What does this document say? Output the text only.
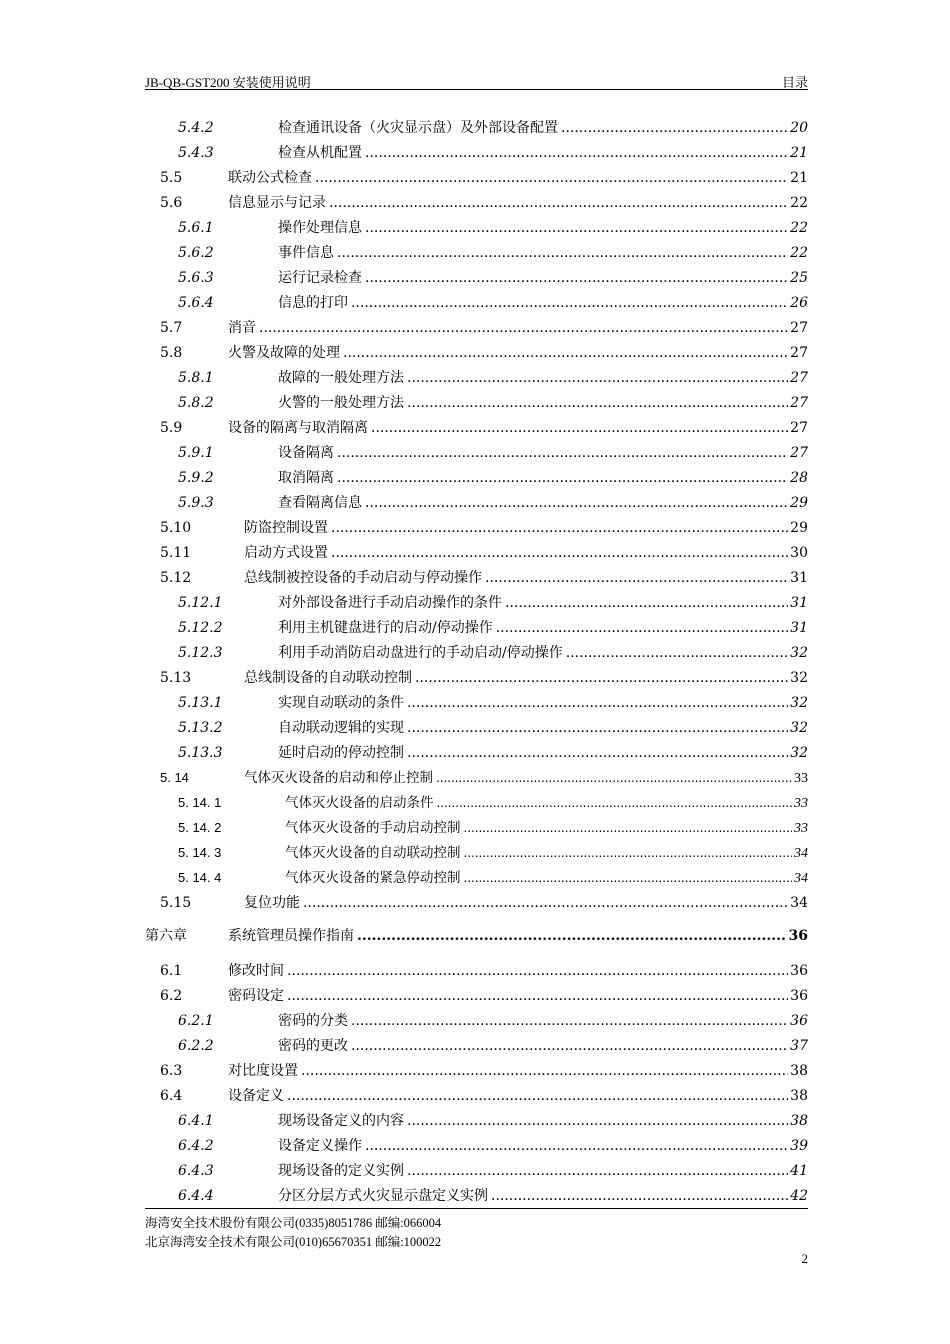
JB-QB-GST200 安装使用说明	目录
5.4.2	检查通讯设备（火灾显示盘）及外部设备配置 .....	20
5.4.3	检查从机配置 .....	21
5.5	联动公式检查 .....	21
5.6	信息显示与记录 .....	22
5.6.1	操作处理信息 .....	22
5.6.2	事件信息 .....	22
5.6.3	运行记录检查 .....	25
5.6.4	信息的打印 .....	26
5.7	消音 .....	27
5.8	火警及故障的处理 .....	27
5.8.1	故障的一般处理方法 .....	27
5.8.2	火警的一般处理方法 .....	27
5.9	设备的隔离与取消隔离 .....	27
5.9.1	设备隔离 .....	27
5.9.2	取消隔离 .....	28
5.9.3	查看隔离信息 .....	29
5.10	防盗控制设置 .....	29
5.11	启动方式设置 .....	30
5.12	总线制被控设备的手动启动与停动操作 .....	31
5.12.1	对外部设备进行手动启动操作的条件 .....	31
5.12.2	利用主机键盘进行的启动/停动操作 .....	31
5.12.3	利用手动消防启动盘进行的手动启动/停动操作 .....	32
5.13	总线制设备的自动联动控制 .....	32
5.13.1	实现自动联动的条件 .....	32
5.13.2	自动联动逻辑的实现 .....	32
5.13.3	延时启动的停动控制 .....	32
5. 14	气体灭火设备的启动和停止控制 .....	33
5. 14. 1	气体灭火设备的启动条件 .....	33
5. 14. 2	气体灭火设备的手动启动控制 .....	33
5. 14. 3	气体灭火设备的自动联动控制 .....	34
5. 14. 4	气体灭火设备的紧急停动控制 .....	34
5.15	复位功能 .....	34
第六章	系统管理员操作指南 .....	36
6.1	修改时间 .....	36
6.2	密码设定 .....	36
6.2.1	密码的分类 .....	36
6.2.2	密码的更改 .....	37
6.3	对比度设置 .....	38
6.4	设备定义 .....	38
6.4.1	现场设备定义的内容 .....	38
6.4.2	设备定义操作 .....	39
6.4.3	现场设备的定义实例 .....	41
6.4.4	分区分层方式火灾显示盘定义实例 .....	42
海湾安全技术股份有限公司(0335)8051786 邮编:066004
北京海湾安全技术有限公司(010)65670351 邮编:100022
2
